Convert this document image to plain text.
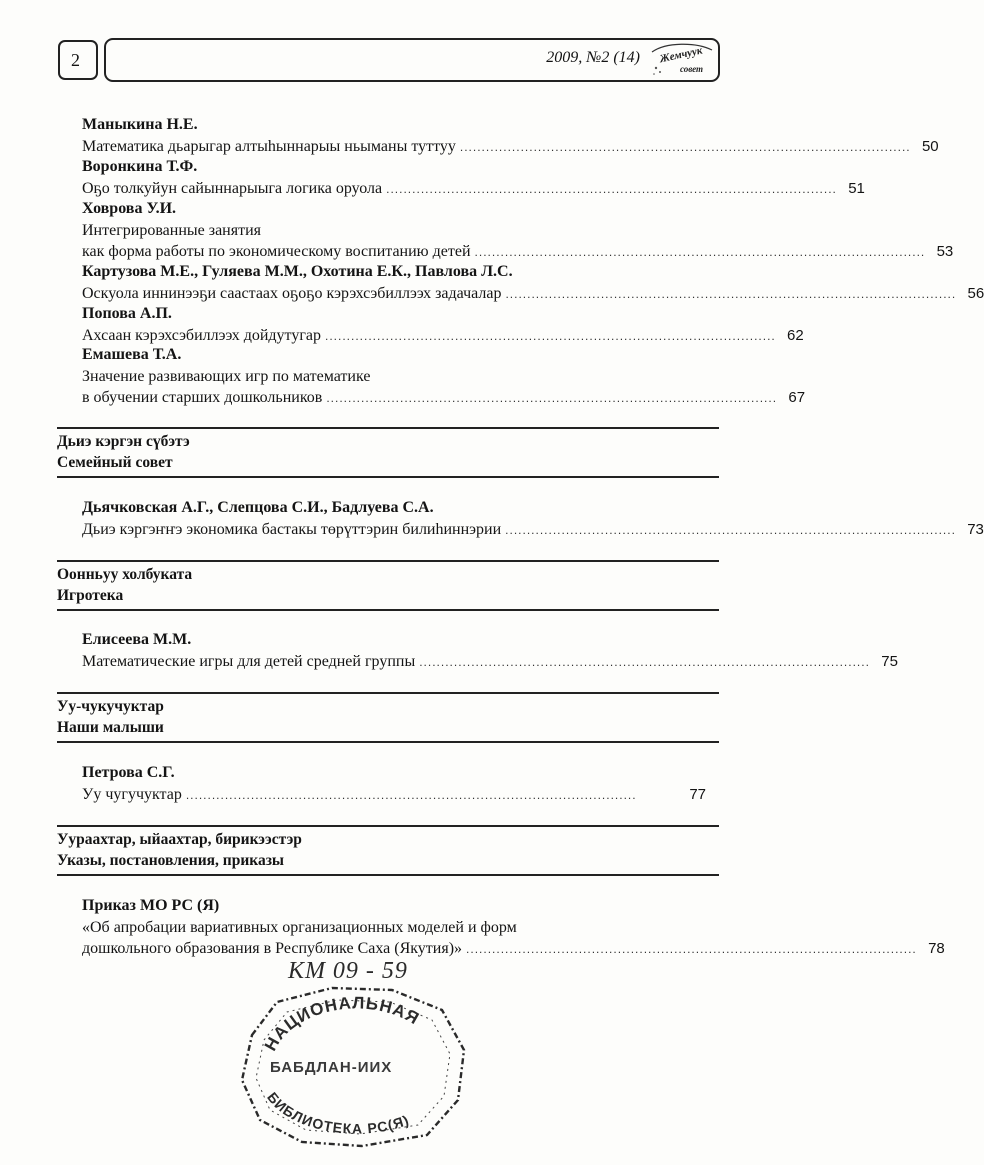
2	2009, №2 (14) Жемчуук
совет
Маныкина Н.Е.
Математика дьарыгар алтыhыннарыы ньыманы туттуу ........................................................................................................ 50
Воронкина Т.Ф.
Оҕо толкуйун сайыннарыыга логика оруола ........................................................................................................ 51
Ховрова У.И.
Интегрированные занятия
как форма работы по экономическому воспитанию детей ........................................................................................................ 53
Картузова М.Е., Гуляева М.М., Охотина Е.К., Павлова Л.С.
Оскуола иннинээҕи саастаах оҕоҕо кэрэхсэбиллээх задачалар ........................................................................................................ 56
Попова А.П.
Ахсаан кэрэхсэбиллээх дойдутугар ........................................................................................................ 62
Емашева Т.А.
Значение развивающих игр по математике
в обучении старших дошкольников ........................................................................................................ 67
Дьиэ кэргэн сүбэтэ
Семейный совет
Дьячковская А.Г., Слепцова С.И., Бадлуева С.А.
Дьиэ кэргэҥҥэ экономика бастакы төрүттэрин билиhиннэрии ........................................................................................................ 73
Оонньуу холбуката
Игротека
Елисеева М.М.
Математические игры для детей средней группы ........................................................................................................ 75
Уу-чукучуктар
Наши малыши
Петрова С.Г.
Уу чугучуктар ........................................................................................................	77
Уураахтар, ыйаахтар, бирикээстэр
Указы, постановления, приказы
Приказ МО РС (Я)
«Об апробации вариативных организационных моделей и форм
дошкольного образования в Республике Саха (Якутия)» ........................................................................................................ 78
КМ 09 - 59
НАЦИОНАЛЬНАЯ
БАБДЛАН-ИИХ
БИБЛИОТЕКА РС(Я)
